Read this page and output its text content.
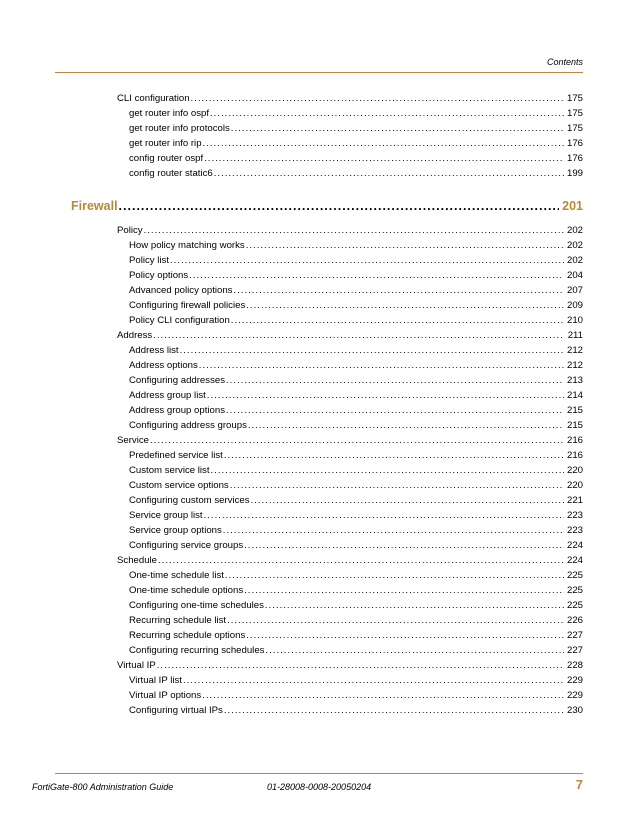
Contents
CLI configuration .....	175
get router info ospf .....	175
get router info protocols .....	175
get router info rip .....	176
config router ospf .....	176
config router static6 .....	199
Firewall .....	201
Policy .....	202
How policy matching works .....	202
Policy list .....	202
Policy options .....	204
Advanced policy options .....	207
Configuring firewall policies .....	209
Policy CLI configuration .....	210
Address .....	211
Address list .....	212
Address options .....	212
Configuring addresses .....	213
Address group list .....	214
Address group options .....	215
Configuring address groups .....	215
Service .....	216
Predefined service list .....	216
Custom service list .....	220
Custom service options .....	220
Configuring custom services .....	221
Service group list .....	223
Service group options .....	223
Configuring service groups .....	224
Schedule .....	224
One-time schedule list .....	225
One-time schedule options .....	225
Configuring one-time schedules .....	225
Recurring schedule list .....	226
Recurring schedule options .....	227
Configuring recurring schedules .....	227
Virtual IP .....	228
Virtual IP list .....	229
Virtual IP options .....	229
Configuring virtual IPs .....	230
FortiGate-800 Administration Guide	01-28008-0008-20050204	7
